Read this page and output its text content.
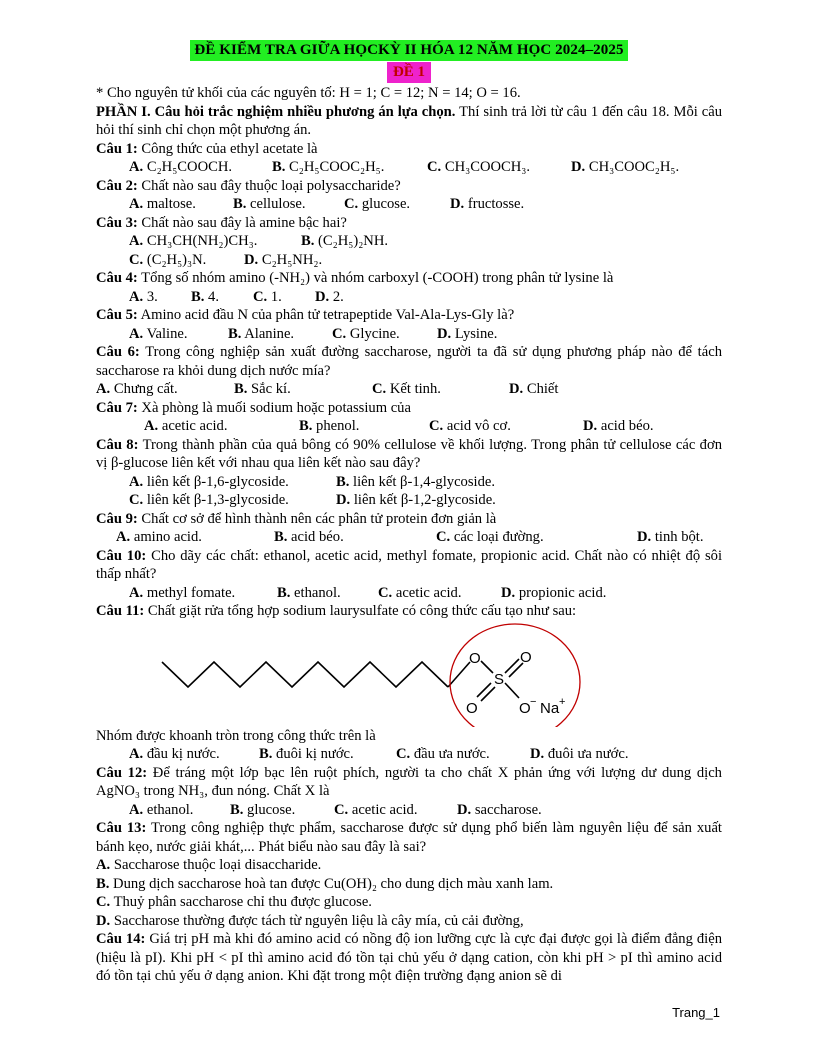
ĐỀ KIỂM TRA GIỮA HỌCKỲ II HÓA 12 NĂM HỌC 2024–2025
ĐỀ 1

* Cho nguyên tử khối của các nguyên tố: H = 1; C = 12; N = 14; O = 16.

PHẦN I. Câu hỏi trắc nghiệm nhiều phương án lựa chọn. Thí sinh trả lời từ câu 1 đến câu 18. Mỗi câu hỏi thí sinh chỉ chọn một phương án.

Câu 1: Công thức của ethyl acetate là

A. C₂H₅COOCH.	B. C₂H₅COOC₂H₅.	C. CH₃COOCH₃.	D. CH₃COOC₂H₅.

Câu 2: Chất nào sau đây thuộc loại polysaccharide?

A. maltose.	B. cellulose.	C. glucose.	D. fructosse.

Câu 3: Chất nào sau đây là amine bậc hai?

A. CH₃CH(NH₂)CH₃.	B. (C₂H₅)₂NH.
C. (C₂H₅)₃N.	D. C₂H₅NH₂.

Câu 4: Tổng số nhóm amino (-NH₂) và nhóm carboxyl (-COOH) trong phân tử lysine là

A. 3.	B. 4.	C. 1.	D. 2.

Câu 5: Amino acid đầu N của phân tử tetrapeptide Val-Ala-Lys-Gly là?

A. Valine.	B. Alanine.	C. Glycine.	D. Lysine.

Câu 6: Trong công nghiệp sản xuất đường saccharose, người ta đã sử dụng phương pháp nào để tách saccharose ra khỏi dung dịch nước mía?

A. Chưng cất.	B. Sắc kí.	C. Kết tinh.	D. Chiết

Câu 7: Xà phòng là muối sodium hoặc potassium của

A. acetic acid.	B. phenol.	C. acid vô cơ.	D. acid béo.

Câu 8: Trong thành phần của quả bông có 90% cellulose về khối lượng. Trong phân tử cellulose các đơn vị β-glucose liên kết với nhau qua liên kết nào sau đây?

A. liên kết β-1,6-glycoside.	B. liên kết β-1,4-glycoside.
C. liên kết β-1,3-glycoside.	D. liên kết β-1,2-glycoside.

Câu 9: Chất cơ sở để hình thành nên các phân tử protein đơn giản là

A. amino acid.	B. acid béo.	C. các loại đường.	D. tinh bột.

Câu 10: Cho dãy các chất: ethanol, acetic acid, methyl fomate, propionic acid. Chất nào có nhiệt độ sôi thấp nhất?

A. methyl fomate.	B. ethanol.	C. acetic acid.	D. propionic acid.

Câu 11: Chất giặt rửa tổng hợp sodium laurysulfate có công thức cấu tạo như sau:

O	O
S
O	O − Na +

Nhóm được khoanh tròn trong công thức trên là

A. đầu kị nước.	B. đuôi kị nước.	C. đầu ưa nước.	D. đuôi ưa nước.

Câu 12: Để tráng một lớp bạc lên ruột phích, người ta cho chất X phản ứng với lượng dư dung dịch AgNO₃ trong NH₃, đun nóng. Chất X là

A. ethanol.	B. glucose.	C. acetic acid.	D. saccharose.

Câu 13: Trong công nghiệp thực phẩm, saccharose được sử dụng phổ biến làm nguyên liệu để sản xuất bánh kẹo, nước giải khát,... Phát biểu nào sau đây là sai?

A. Saccharose thuộc loại disaccharide.

B. Dung dịch saccharose hoà tan được Cu(OH)₂ cho dung dịch màu xanh lam.

C. Thuỷ phân saccharose chỉ thu được glucose.

D. Saccharose thường được tách từ nguyên liệu là cây mía, củ cải đường,

Câu 14: Giá trị pH mà khi đó amino acid có nồng độ ion lưỡng cực là cực đại được gọi là điểm đẳng điện (hiệu là pI). Khi pH < pI thì amino acid đó tồn tại chủ yếu ở dạng cation, còn khi pH > pI thì amino acid đó tồn tại chủ yếu ở dạng anion. Khi đặt trong một điện trường đạng anion sẽ di

Trang_1
